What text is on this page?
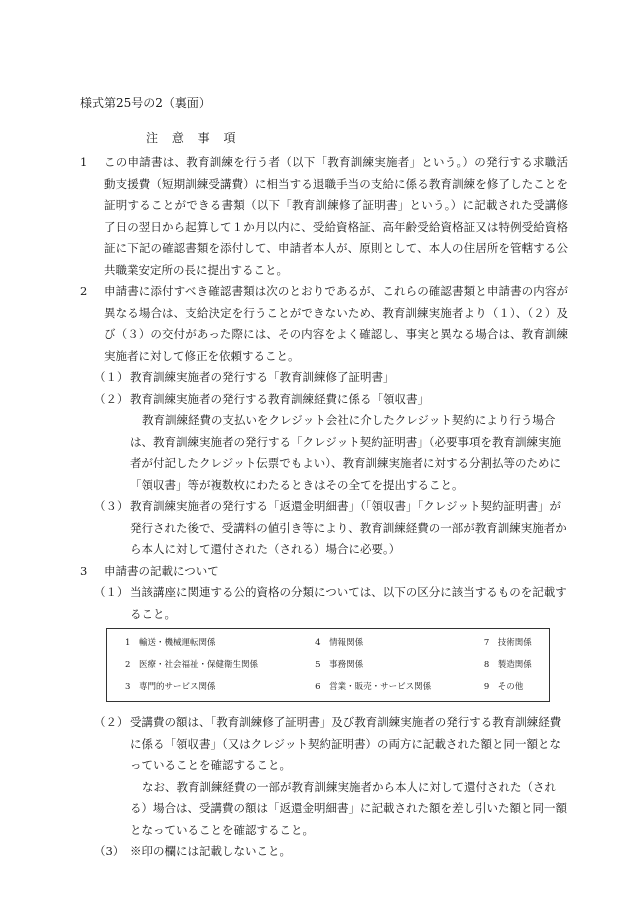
様式第25号の2（裏面）
注 意 事 項
1 この申請書は、教育訓練を行う者（以下「教育訓練実施者」という。）の発行する求職活動支援費（短期訓練受講費）に相当する退職手当の支給に係る教育訓練を修了したことを証明することができる書類（以下「教育訓練修了証明書」という。）に記載された受講修了日の翌日から起算して１か月以内に、受給資格証、高年齢受給資格証又は特例受給資格証に下記の確認書類を添付して、申請者本人が、原則として、本人の住居所を管轄する公共職業安定所の長に提出すること。
2 申請書に添付すべき確認書類は次のとおりであるが、これらの確認書類と申請書の内容が異なる場合は、支給決定を行うことができないため、教育訓練実施者より（１）、（２）及び（３）の交付があった際には、その内容をよく確認し、事実と異なる場合は、教育訓練実施者に対して修正を依頼すること。
（１） 教育訓練実施者の発行する「教育訓練修了証明書」
（２） 教育訓練実施者の発行する教育訓練経費に係る「領収書」
教育訓練経費の支払いをクレジット会社に介したクレジット契約により行う場合は、教育訓練実施者の発行する「クレジット契約証明書」（必要事項を教育訓練実施者が付記したクレジット伝票でもよい）、教育訓練実施者に対する分割払等のために「領収書」等が複数枚にわたるときはその全てを提出すること。
（３） 教育訓練実施者の発行する「返還金明細書」（「領収書」「クレジット契約証明書」が発行された後で、受講料の値引き等により、教育訓練経費の一部が教育訓練実施者から本人に対して還付された（される）場合に必要。）
3 申請書の記載について
（１） 当該講座に関連する公的資格の分類については、以下の区分に該当するものを記載すること。
1　 輸送・機械運転関係	4　 情報関係	7　 技術関係
2　 医療・社会福祉・保健衛生関係	5　 事務関係	8　 製造関係
3　 専門的サービス関係	6　 営業・販売・サービス関係	9　 その他
（２） 受講費の額は、「教育訓練修了証明書」及び教育訓練実施者の発行する教育訓練経費に係る「領収書」（又はクレジット契約証明書）の両方に記載された額と同一額となっていることを確認すること。
なお、教育訓練経費の一部が教育訓練実施者から本人に対して還付された（される）場合は、受講費の額は「返還金明細書」に記載された額を差し引いた額と同一額となっていることを確認すること。
（3） ※印の欄には記載しないこと。
